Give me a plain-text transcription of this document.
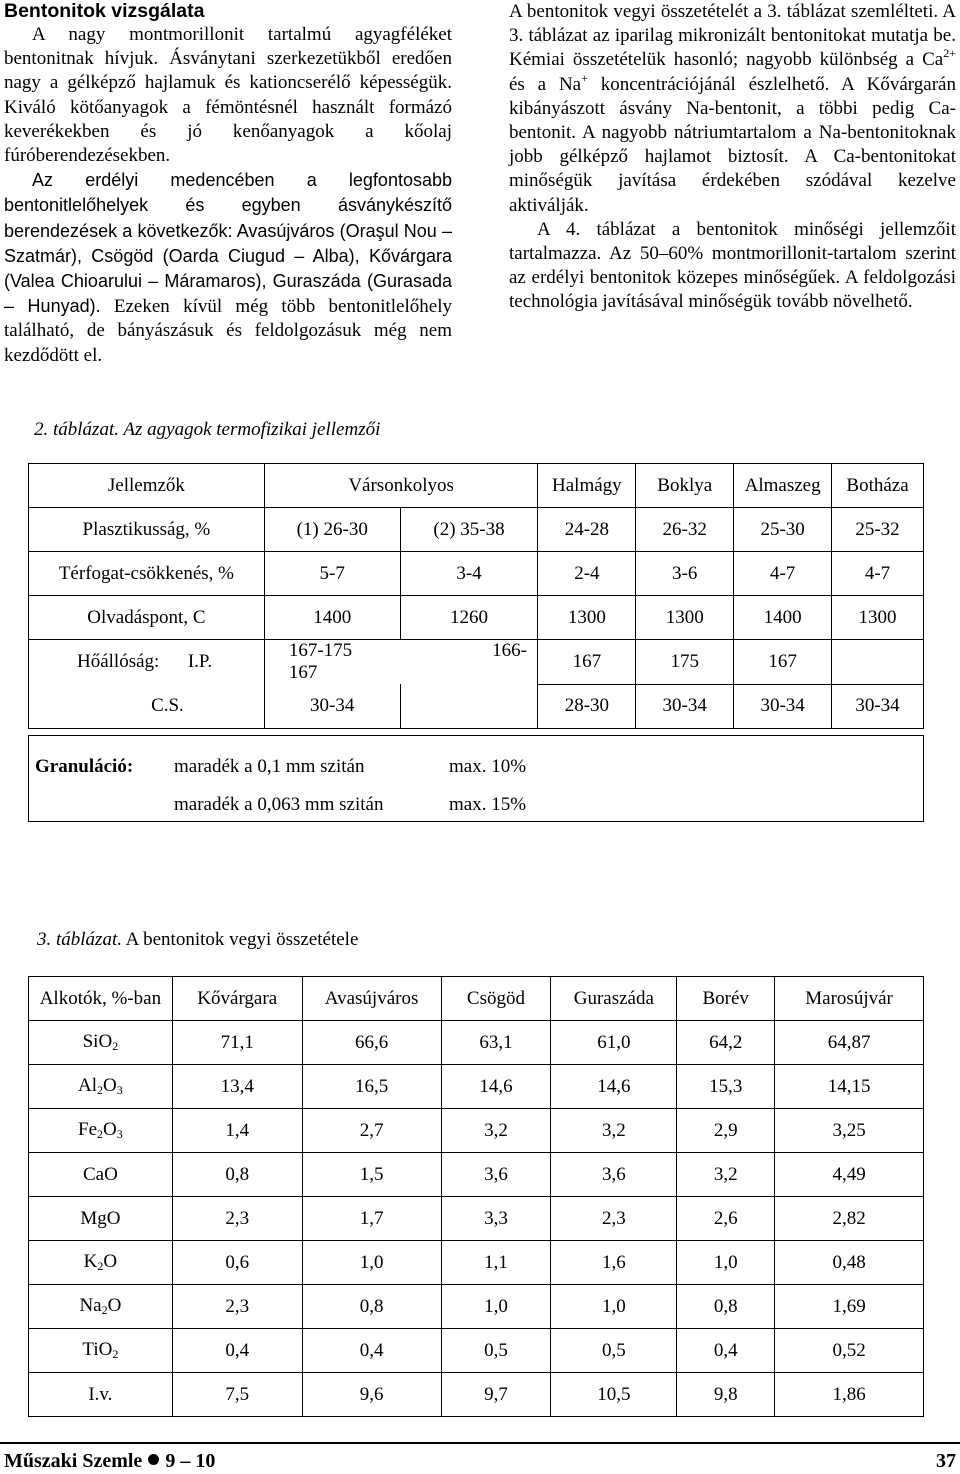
Bentonitok vizsgálata

A nagy montmorillonit tartalmú agyagféléket bentonitnak hívjuk. Ásványtani szerkezetükből eredően nagy a gélképző hajlamuk és kationcserélő képességük. Kiváló kötőanyagok a fémöntésnél használt formázó keverékekben és jó kenőanyagok a kőolaj fúróberendezésekben.

Az erdélyi medencében a legfontosabb bentonitlelőhelyek és egyben ásványkészítő berendezések a következők: Avasújváros (Oraşul Nou – Szatmár), Csögöd (Oarda Ciugud – Alba), Kővárgara (Valea Chioarului – Máramaros), Guraszáda (Gurasada – Hunyad). Ezeken kívül még több bentonitlelőhely található, de bányászásuk és feldolgozásuk még nem kezdődött el.

A bentonitok vegyi összetételét a 3. táblázat szemlélteti. A 3. táblázat az iparilag mikronizált bentonitokat mutatja be. Kémiai összetételük hasonló; nagyobb különbség a $Ca^{2+}$ és a Na+ koncentrációjánál észlelhető. A Kővárgarán kibányászott ásvány Na-bentonit, a többi pedig Ca-bentonit. A nagyobb nátriumtartalom a Na-bentonitoknak jobb gélképző hajlamot biztosít. A Ca-bentonitokat minőségük javítása érdekében szódával kezelve aktiválják.

A 4. táblázat a bentonitok minőségi jellemzőit tartalmazza. Az 50–60% montmorillonit-tartalom szerint az erdélyi bentonitok közepes minőségűek. A feldolgozási technológia javításával minőségük tovább növelhető.

2. táblázat. Az agyagok termofizikai jellemzői
Jellemzők	Vársonkolyos		Halmágy	Boklya	Almaszeg	Botháza
Plasztikusság, %	(1) 26-30	(2) 35-38	24-28	26-32	25-30	25-32
Térfogat-csökkenés, %	5-7	3-4	2-4	3-6	4-7	4-7
Olvadáspont, C	1400	1260	1300	1300	1400	1300
Hőállóság:      I.P.	167-175 166-167		167	175	167	
C.S.	30-34		28-30	30-34	30-34	30-34
Granuláció: maradék a 0,1 mm szitán	max. 10%
maradék a 0,063 mm szitán	max. 15%
3. táblázat. A bentonitok vegyi összetétele
Alkotók, %-ban	Kővárgara	Avasújváros	Csögöd	Guraszáda	Borév	Marosújvár
SiO$_2$	71,1	66,6	63,1	61,0	64,2	64,87
$Al_2O_3$	13,4	16,5	14,6	14,6	15,3	14,15
$Fe_2O_3$	1,4	2,7	3,2	3,2	2,9	3,25
CaO	0,8	1,5	3,6	3,6	3,2	4,49
MgO	2,3	1,7	3,3	2,3	2,6	2,82
$K_2O$	0,6	1,0	1,1	1,6	1,0	0,48
$Na_2O$	2,3	0,8	1,0	1,0	0,8	1,69
TiO$_2$	0,4	0,4	0,5	0,5	0,4	0,52
I.v.	7,5	9,6	9,7	10,5	9,8	1,86
Műszaki Szemle 9 – 10	37
